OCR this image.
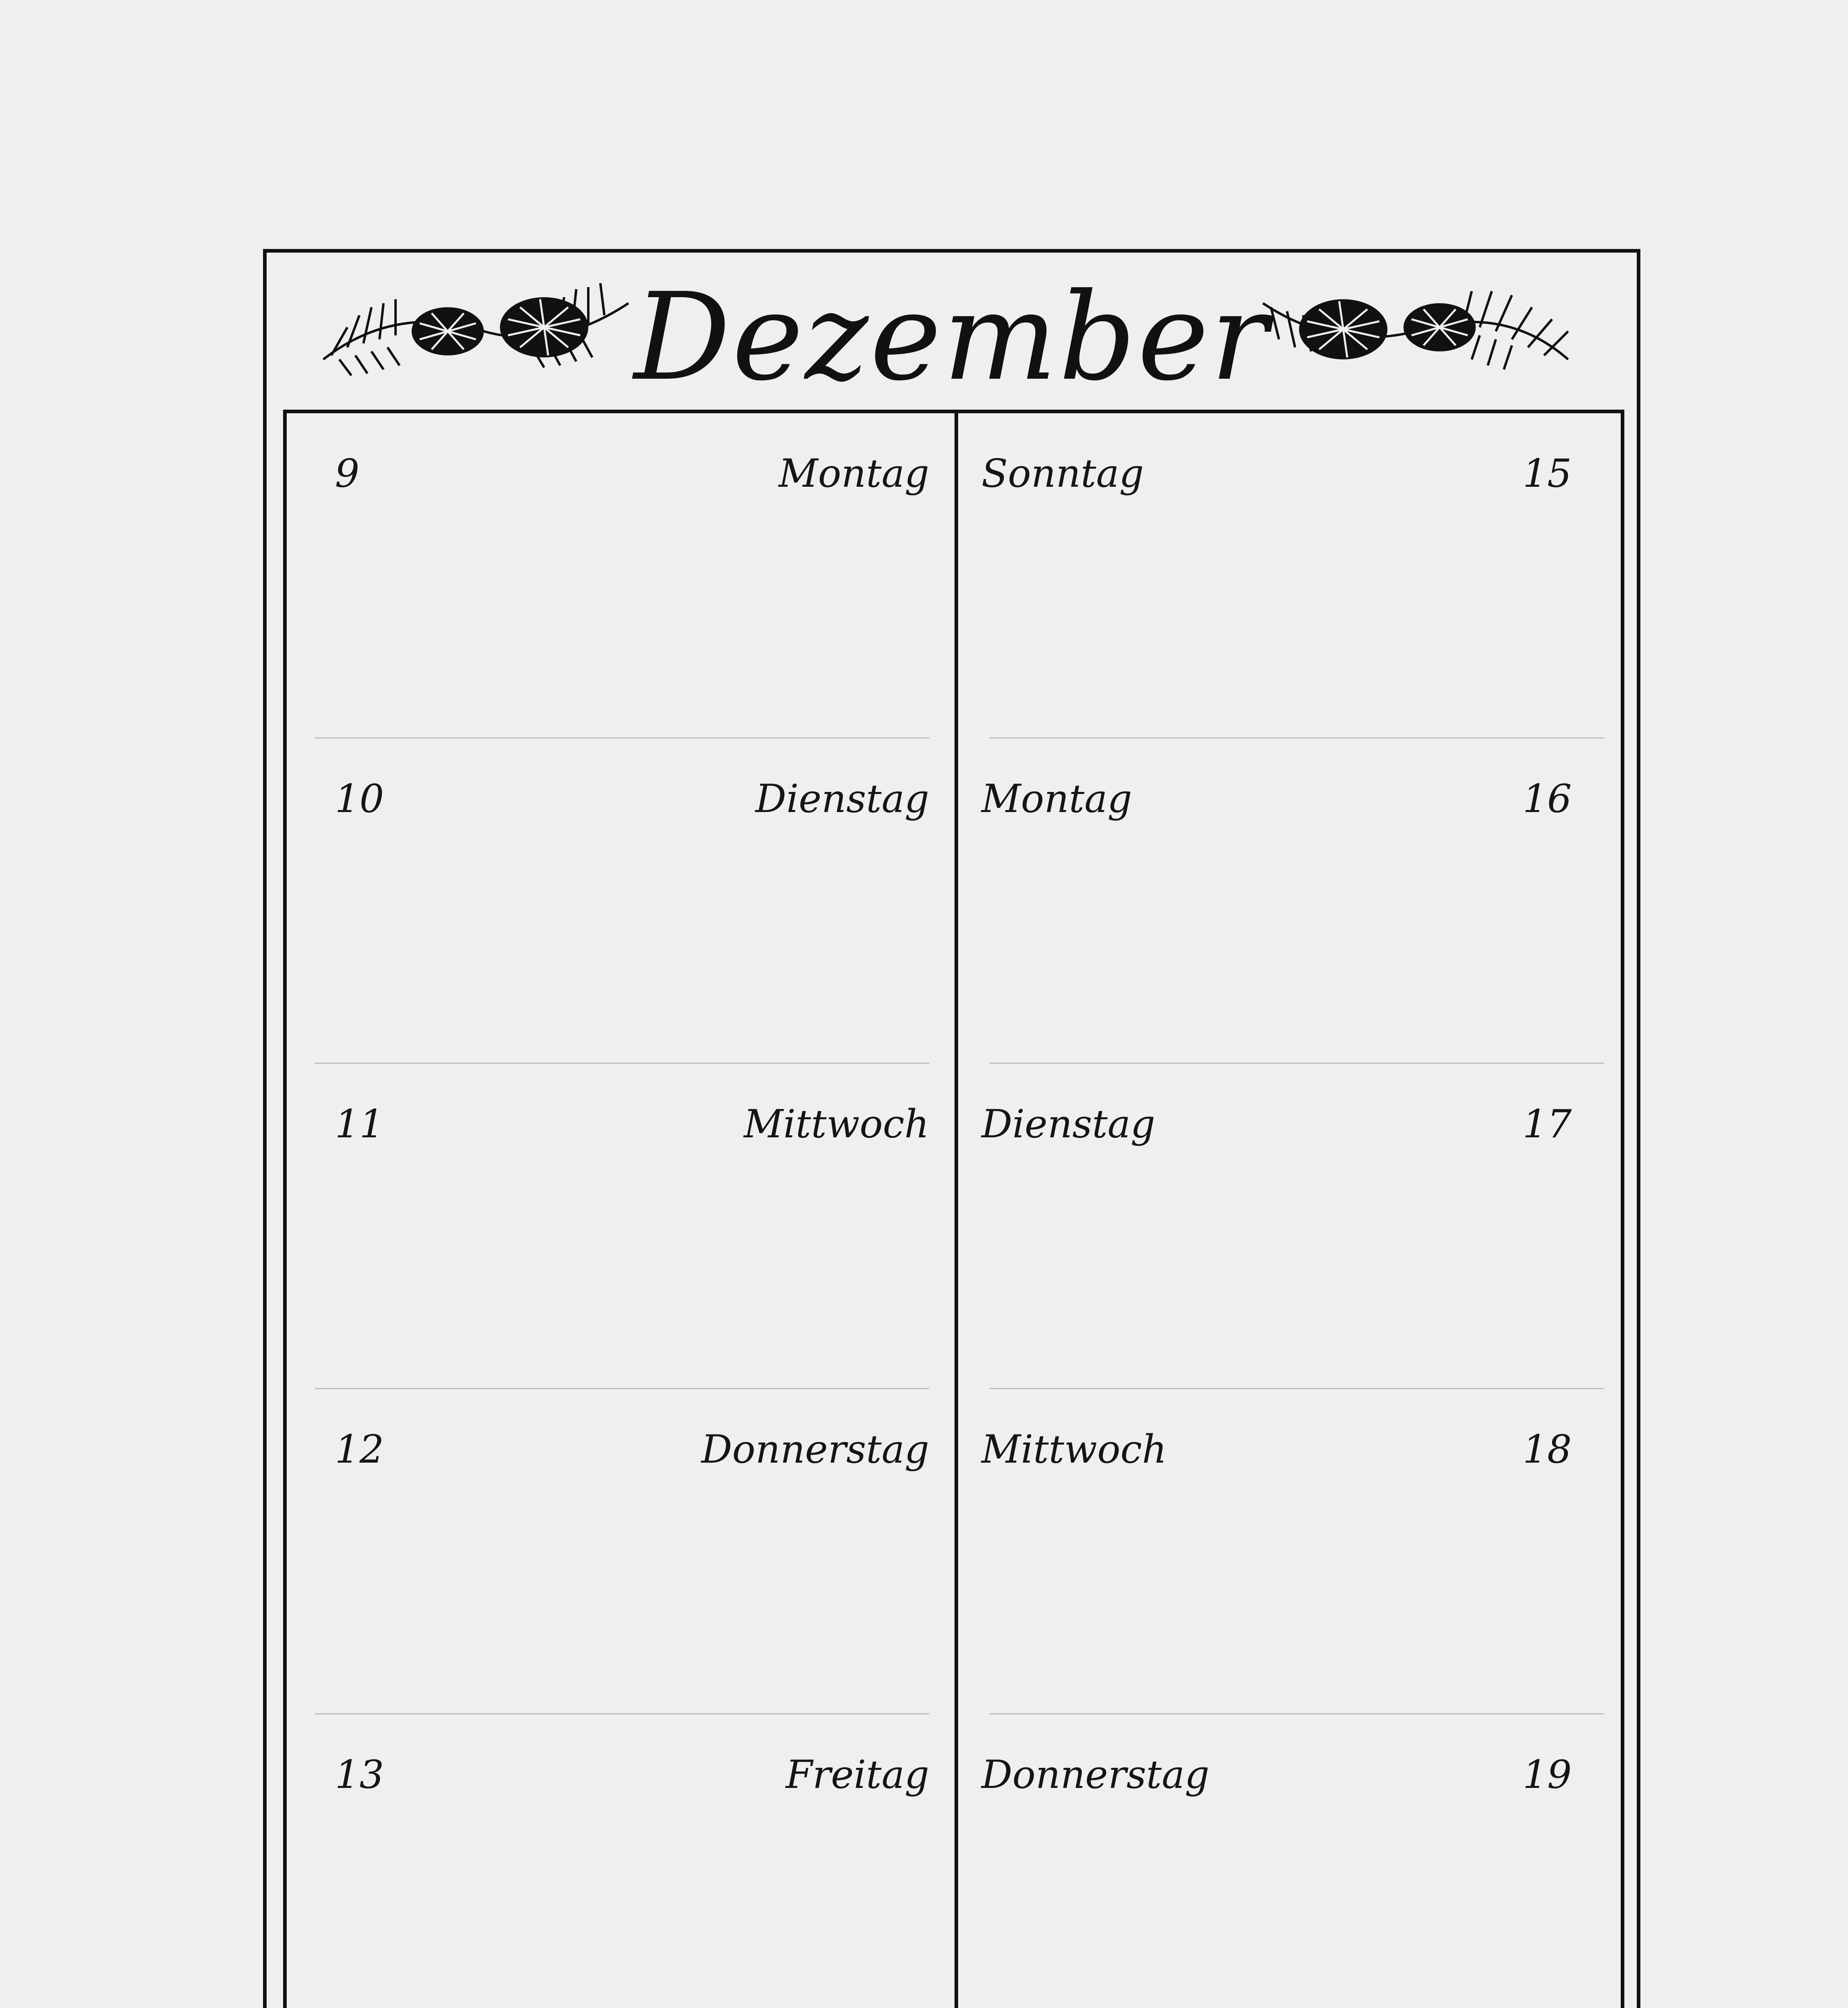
Dezember
9	Montag
10	Dienstag
11	Mittwoch
12	Donnerstag
13	Freitag
Sonntag	15
Montag	16
Dienstag	17
Mittwoch	18
Donnerstag	19
